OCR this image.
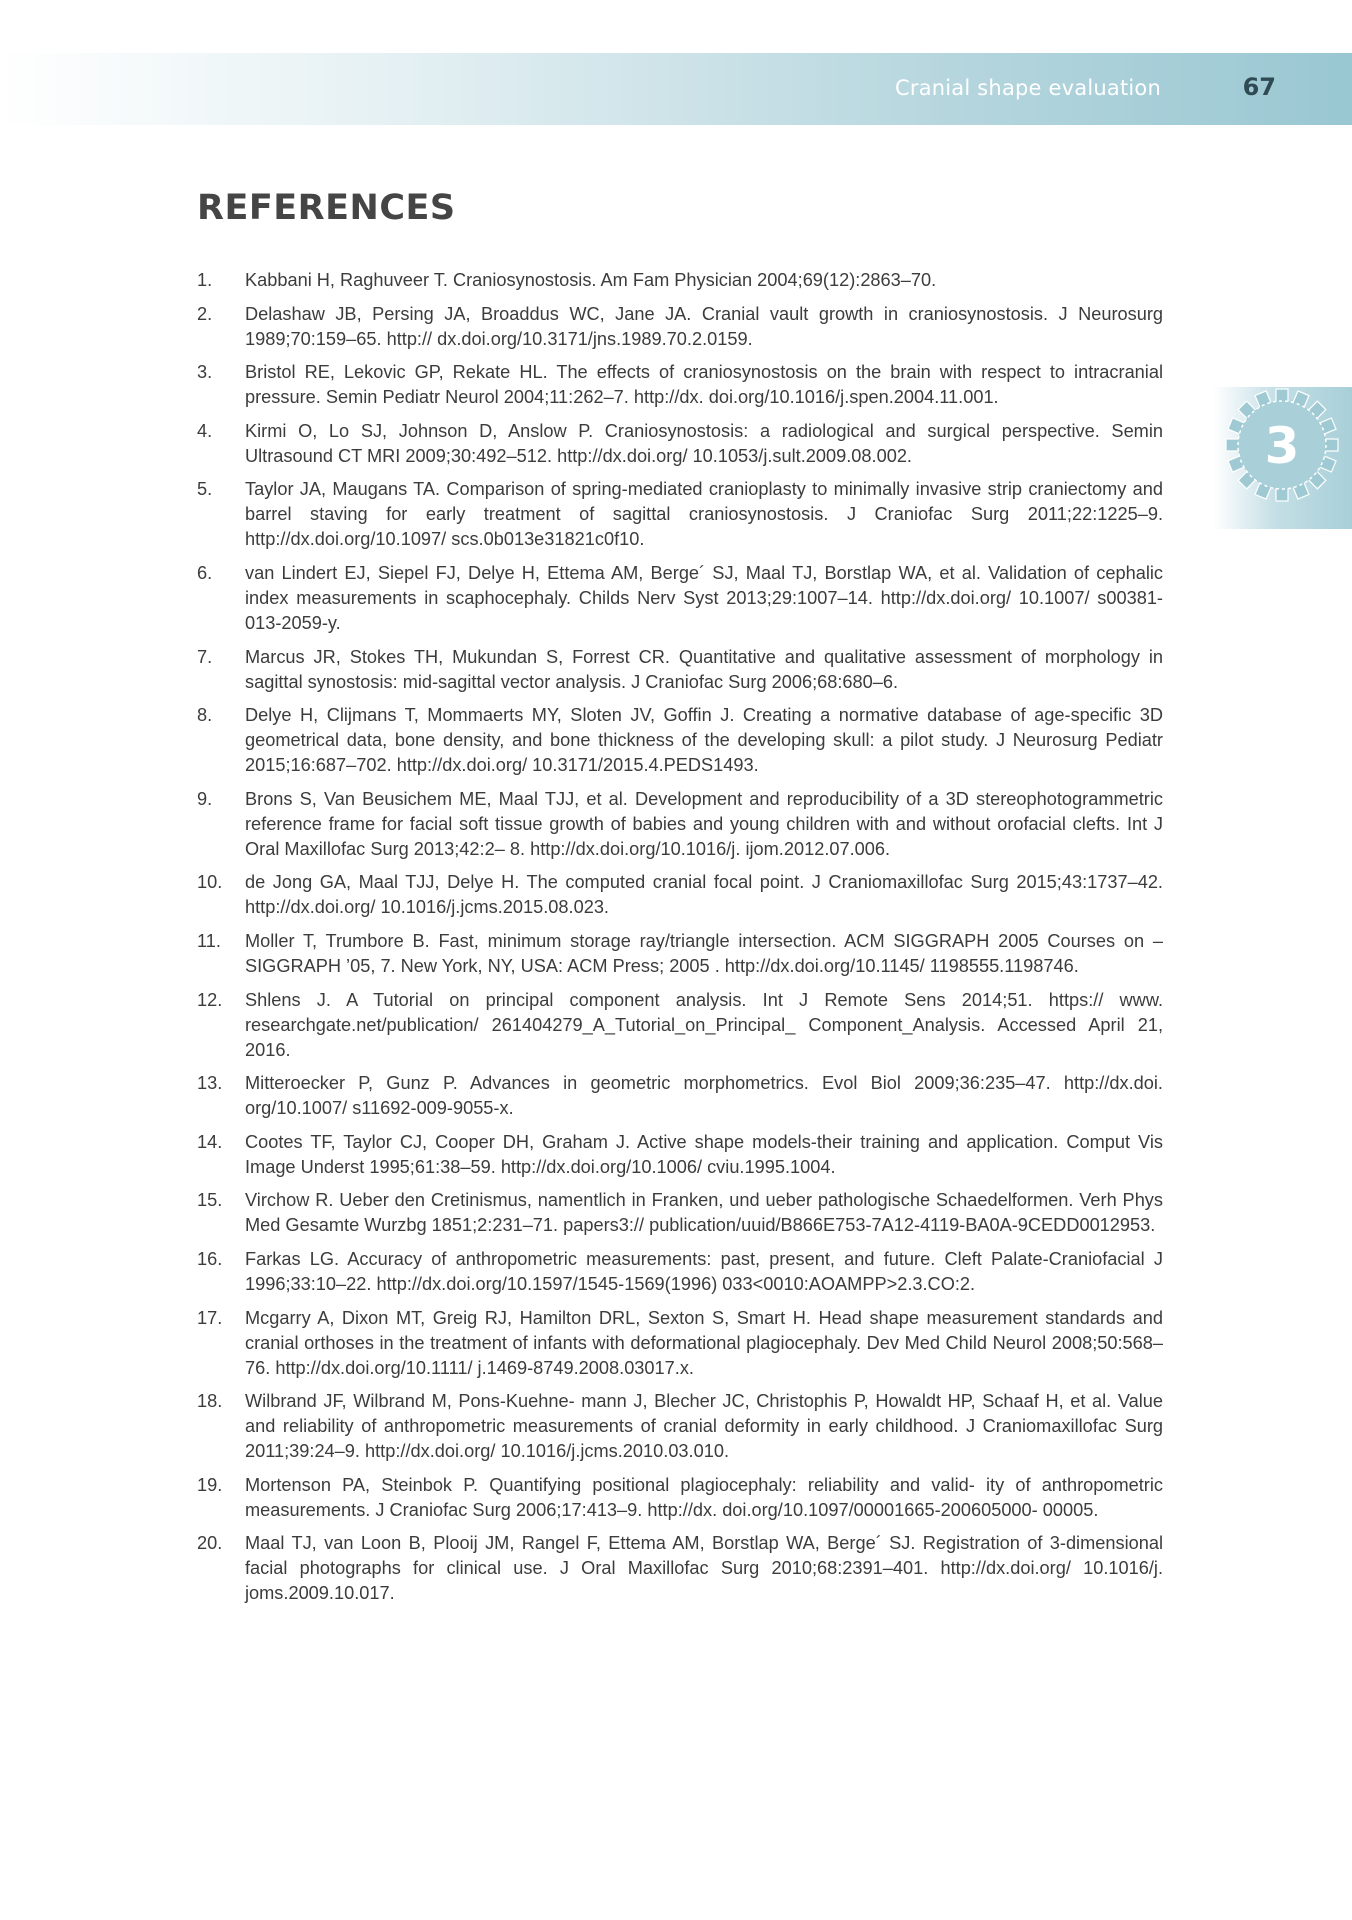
Cranial shape evaluation	67
3
REFERENCES
1.	Kabbani H, Raghuveer T. Craniosynostosis. Am Fam Physician 2004;69(12):2863–70.
2.	Delashaw JB, Persing JA, Broaddus WC, Jane JA. Cranial vault growth in craniosynostosis. J Neurosurg 1989;70:159–65. http:// dx.doi.org/10.3171/jns.1989.70.2.0159.
3.	Bristol RE, Lekovic GP, Rekate HL. The effects of craniosynostosis on the brain with respect to intracranial pressure. Semin Pediatr Neurol 2004;11:262–7. http://dx. doi.org/10.1016/j.spen.2004.11.001.
4.	Kirmi O, Lo SJ, Johnson D, Anslow P. Craniosynostosis: a radiological and surgical perspective. Semin Ultrasound CT MRI 2009;30:492–512. http://dx.doi.org/ 10.1053/j.sult.2009.08.002.
5.	Taylor JA, Maugans TA. Comparison of spring-mediated cranioplasty to minimally invasive strip craniectomy and barrel staving for early treatment of sagittal craniosynostosis. J Craniofac Surg 2011;22:1225–9. http://dx.doi.org/10.1097/ scs.0b013e31821c0f10.
6.	van Lindert EJ, Siepel FJ, Delye H, Ettema AM, Berge´ SJ, Maal TJ, Borstlap WA, et al. Validation of cephalic index measurements in scaphocephaly. Childs Nerv Syst 2013;29:1007–14. http://dx.doi.org/ 10.1007/ s00381-013-2059-y.
7.	Marcus JR, Stokes TH, Mukundan S, Forrest CR. Quantitative and qualitative assessment of morphology in sagittal synostosis: mid-sagittal vector analysis. J Craniofac Surg 2006;68:680–6.
8.	Delye H, Clijmans T, Mommaerts MY, Sloten JV, Goffin J. Creating a normative database of age-specific 3D geometrical data, bone density, and bone thickness of the developing skull: a pilot study. J Neurosurg Pediatr 2015;16:687–702. http://dx.doi.org/ 10.3171/2015.4.PEDS1493.
9.	Brons S, Van Beusichem ME, Maal TJJ, et al. Development and reproducibility of a 3D stereophotogrammetric reference frame for facial soft tissue growth of babies and young children with and without orofacial clefts. Int J Oral Maxillofac Surg 2013;42:2– 8. http://dx.doi.org/10.1016/j. ijom.2012.07.006.
10.	de Jong GA, Maal TJJ, Delye H. The computed cranial focal point. J Craniomaxillofac Surg 2015;43:1737–42. http://dx.doi.org/ 10.1016/j.jcms.2015.08.023.
11.	Moller T, Trumbore B. Fast, minimum storage ray/triangle intersection. ACM SIGGRAPH 2005 Courses on – SIGGRAPH ’05, 7. New York, NY, USA: ACM Press; 2005 . http://dx.doi.org/10.1145/ 1198555.1198746.
12.	Shlens J. A Tutorial on principal component analysis. Int J Remote Sens 2014;51. https:// www. researchgate.net/publication/ 261404279_A_Tutorial_on_Principal_ Component_Analysis. Accessed April 21, 2016.
13.	Mitteroecker P, Gunz P. Advances in geometric morphometrics. Evol Biol 2009;36:235–47. http://dx.doi. org/10.1007/ s11692-009-9055-x.
14.	Cootes TF, Taylor CJ, Cooper DH, Graham J. Active shape models-their training and application. Comput Vis Image Underst 1995;61:38–59. http://dx.doi.org/10.1006/ cviu.1995.1004.
15.	Virchow R. Ueber den Cretinismus, namentlich in Franken, und ueber pathologische Schaedelformen. Verh Phys Med Gesamte Wurzbg 1851;2:231–71. papers3:// publication/uuid/B866E753-7A12-4119-BA0A-9CEDD0012953.
16.	Farkas LG. Accuracy of anthropometric measurements: past, present, and future. Cleft Palate-Craniofacial J 1996;33:10–22. http://dx.doi.org/10.1597/1545-1569(1996) 033<0010:AOAMPP>2.3.CO:2.
17.	Mcgarry A, Dixon MT, Greig RJ, Hamilton DRL, Sexton S, Smart H. Head shape measurement standards and cranial orthoses in the treatment of infants with deformational plagiocephaly. Dev Med Child Neurol 2008;50:568–76. http://dx.doi.org/10.1111/ j.1469-8749.2008.03017.x.
18.	Wilbrand JF, Wilbrand M, Pons-Kuehne- mann J, Blecher JC, Christophis P, Howaldt HP, Schaaf H, et al. Value and reliability of anthropometric measurements of cranial deformity in early childhood. J Craniomaxillofac Surg 2011;39:24–9. http://dx.doi.org/ 10.1016/j.jcms.2010.03.010.
19.	Mortenson PA, Steinbok P. Quantifying positional plagiocephaly: reliability and valid- ity of anthropometric measurements. J Craniofac Surg 2006;17:413–9. http://dx. doi.org/10.1097/00001665-200605000- 00005.
20.	Maal TJ, van Loon B, Plooij JM, Rangel F, Ettema AM, Borstlap WA, Berge´ SJ. Registration of 3-dimensional facial photographs for clinical use. J Oral Maxillofac Surg 2010;68:2391–401. http://dx.doi.org/ 10.1016/j. joms.2009.10.017.
